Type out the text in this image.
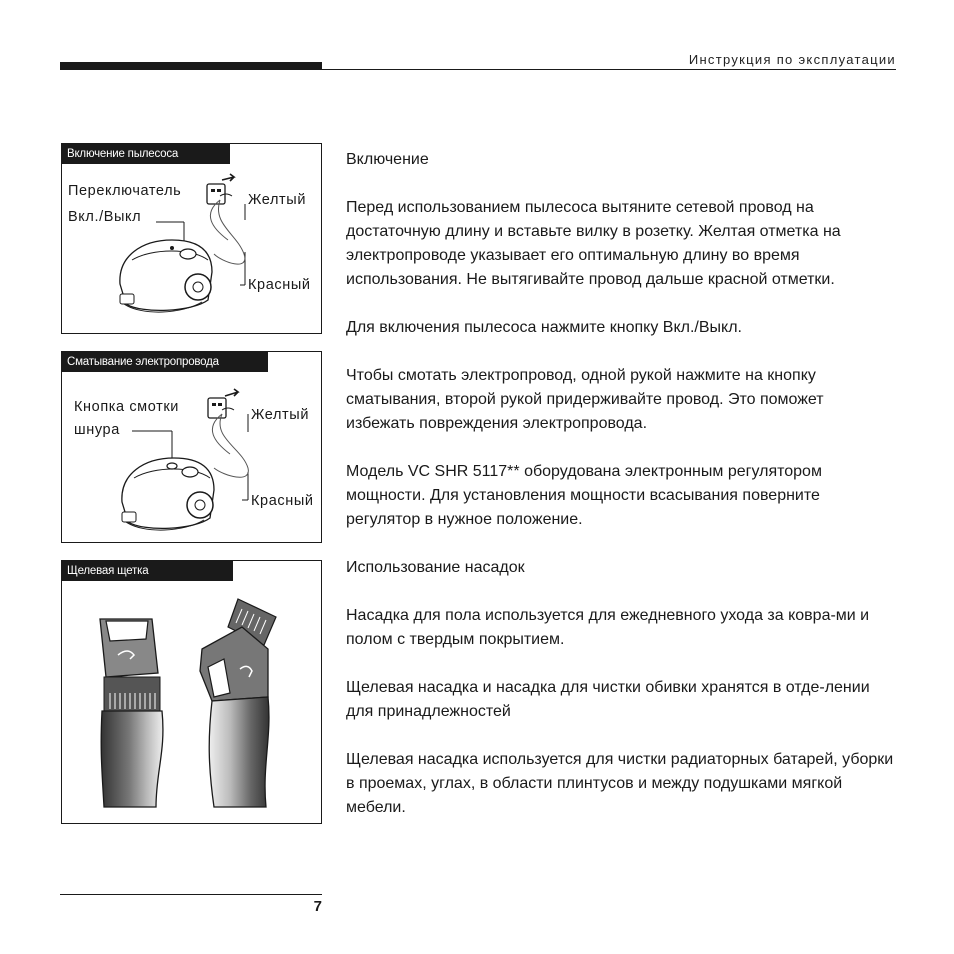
Инструкция по эксплуатации
Включение пылесоса
Переключатель
Вкл./Выкл
Желтый
Красный
Сматывание электропровода
Кнопка смотки
шнура
Желтый
Красный
Щелевая щетка
Включение
Перед использованием пылесоса вытяните сетевой провод на достаточную длину и вставьте вилку в розетку. Желтая отметка на электропроводе указывает его оптимальную длину во время использования. Не вытягивайте провод дальше красной отметки.
Для включения пылесоса нажмите кнопку Вкл./Выкл.
Чтобы смотать электропровод, одной рукой нажмите на кнопку сматывания, второй рукой придерживайте провод. Это поможет избежать повреждения электропровода.
Модель VC SHR 5117** оборудована электронным регулятором мощности. Для установления мощности всасывания поверните регулятор в нужное положение.
Использование насадок
Насадка для пола используется для ежедневного ухода за ковра-ми и полом с твердым покрытием.
Щелевая насадка и насадка для чистки обивки хранятся в отде-лении для принадлежностей
Щелевая насадка используется для чистки радиаторных батарей, уборки в проемах, углах, в области плинтусов и между подушками мягкой мебели.
7
